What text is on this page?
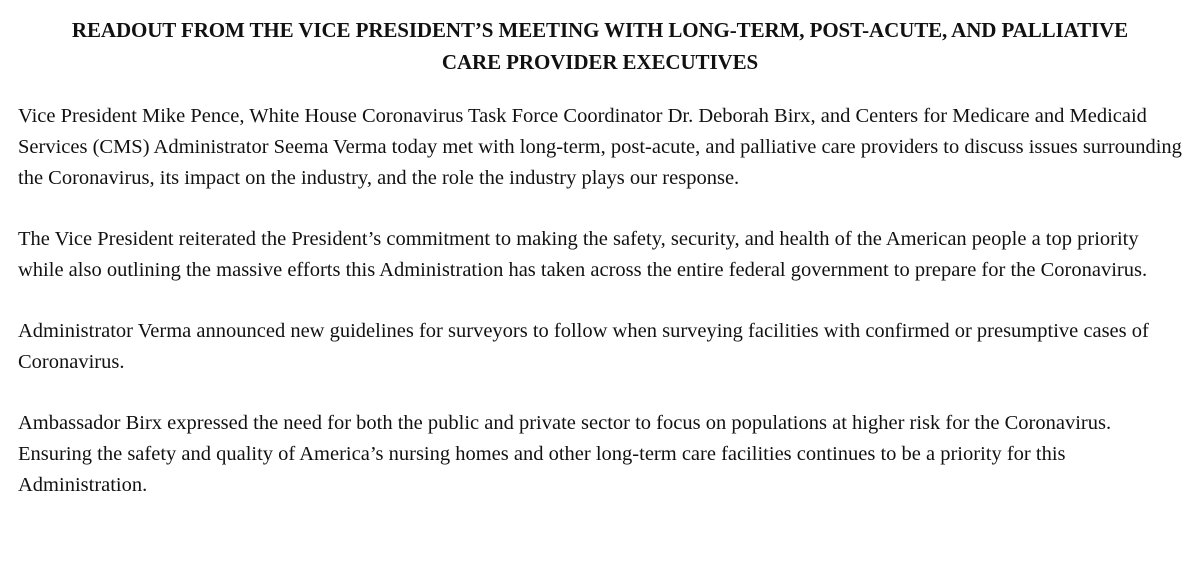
READOUT FROM THE VICE PRESIDENT’S MEETING WITH LONG-TERM, POST-ACUTE, AND PALLIATIVE
CARE PROVIDER EXECUTIVES

Vice President Mike Pence, White House Coronavirus Task Force Coordinator Dr. Deborah Birx, and Centers for Medicare and Medicaid Services (CMS) Administrator Seema Verma today met with long-term, post-acute, and palliative care providers to discuss issues surrounding the Coronavirus, its impact on the industry, and the role the industry plays our response.

The Vice President reiterated the President’s commitment to making the safety, security, and health of the American people a top priority while also outlining the massive efforts this Administration has taken across the entire federal government to prepare for the Coronavirus.

Administrator Verma announced new guidelines for surveyors to follow when surveying facilities with confirmed or presumptive cases of Coronavirus.

Ambassador Birx expressed the need for both the public and private sector to focus on populations at higher risk for the Coronavirus. Ensuring the safety and quality of America’s nursing homes and other long-term care facilities continues to be a priority for this Administration.
